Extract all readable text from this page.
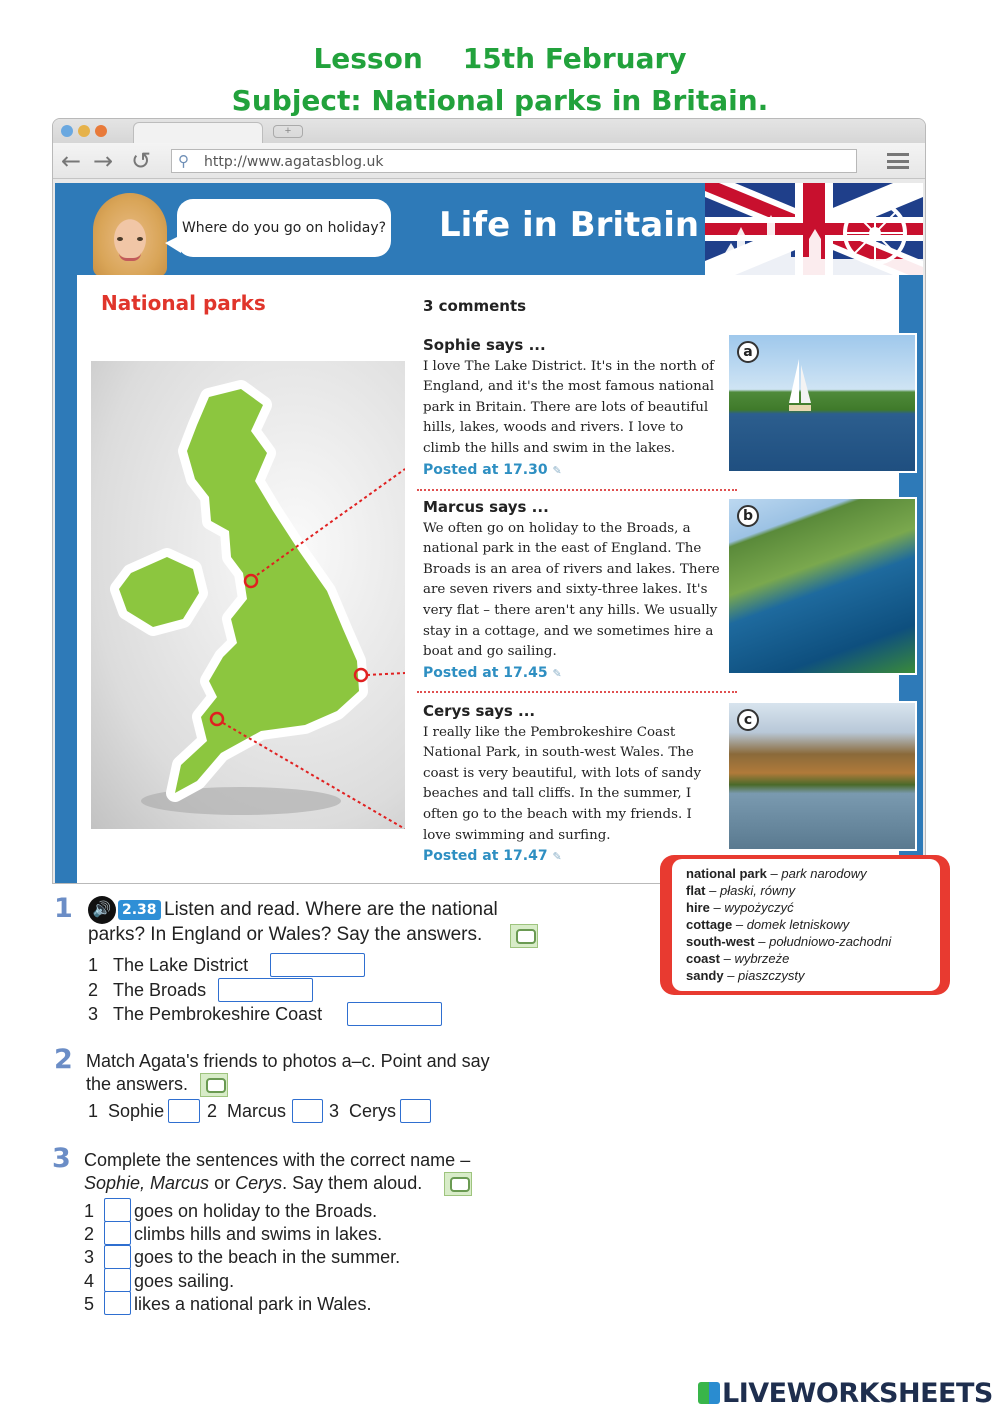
Lesson 15th February
Subject: National parks in Britain.
+
← → ↺ ⚲ http://www.agatasblog.uk
Where do you go on holiday? Life in Britain
National parks	3 comments
Sophie says ...
I love The Lake District. It's in the north of England, and it's the most famous national park in Britain. There are lots of beautiful hills, lakes, woods and rivers. I love to climb the hills and swim in the lakes.
Posted at 17.30 ✎
Marcus says ...
We often go on holiday to the Broads, a national park in the east of England. The Broads is an area of rivers and lakes. There are seven rivers and sixty-three lakes. It's very flat – there aren't any hills. We usually stay in a cottage, and we sometimes hire a boat and go sailing.
Posted at 17.45 ✎
Cerys says ...
I really like the Pembrokeshire Coast National Park, in south-west Wales. The coast is very beautiful, with lots of sandy beaches and tall cliffs. In the summer, I often go to the beach with my friends. I love swimming and surfing.
Posted at 17.47 ✎
a
b
c
national park – park narodowy
flat – płaski, równy
hire – wypożyczyć
cottage – domek letniskowy
south-west – południowo-zachodni
coast – wybrzeże
sandy – piaszczysty
1	🔊 2.38 Listen and read. Where are the national
parks? In England or Wales? Say the answers.
1 The Lake District
2 The Broads
3 The Pembrokeshire Coast
2 Match Agata's friends to photos a–c. Point and say
the answers.
1 Sophie 2 Marcus 3 Cerys
3 Complete the sentences with the correct name –
Sophie, Marcus or Cerys. Say them aloud.
1 goes on holiday to the Broads.
2 climbs hills and swims in lakes.
3 goes to the beach in the summer.
4 goes sailing.
5 likes a national park in Wales.
LIVEWORKSHEETS
